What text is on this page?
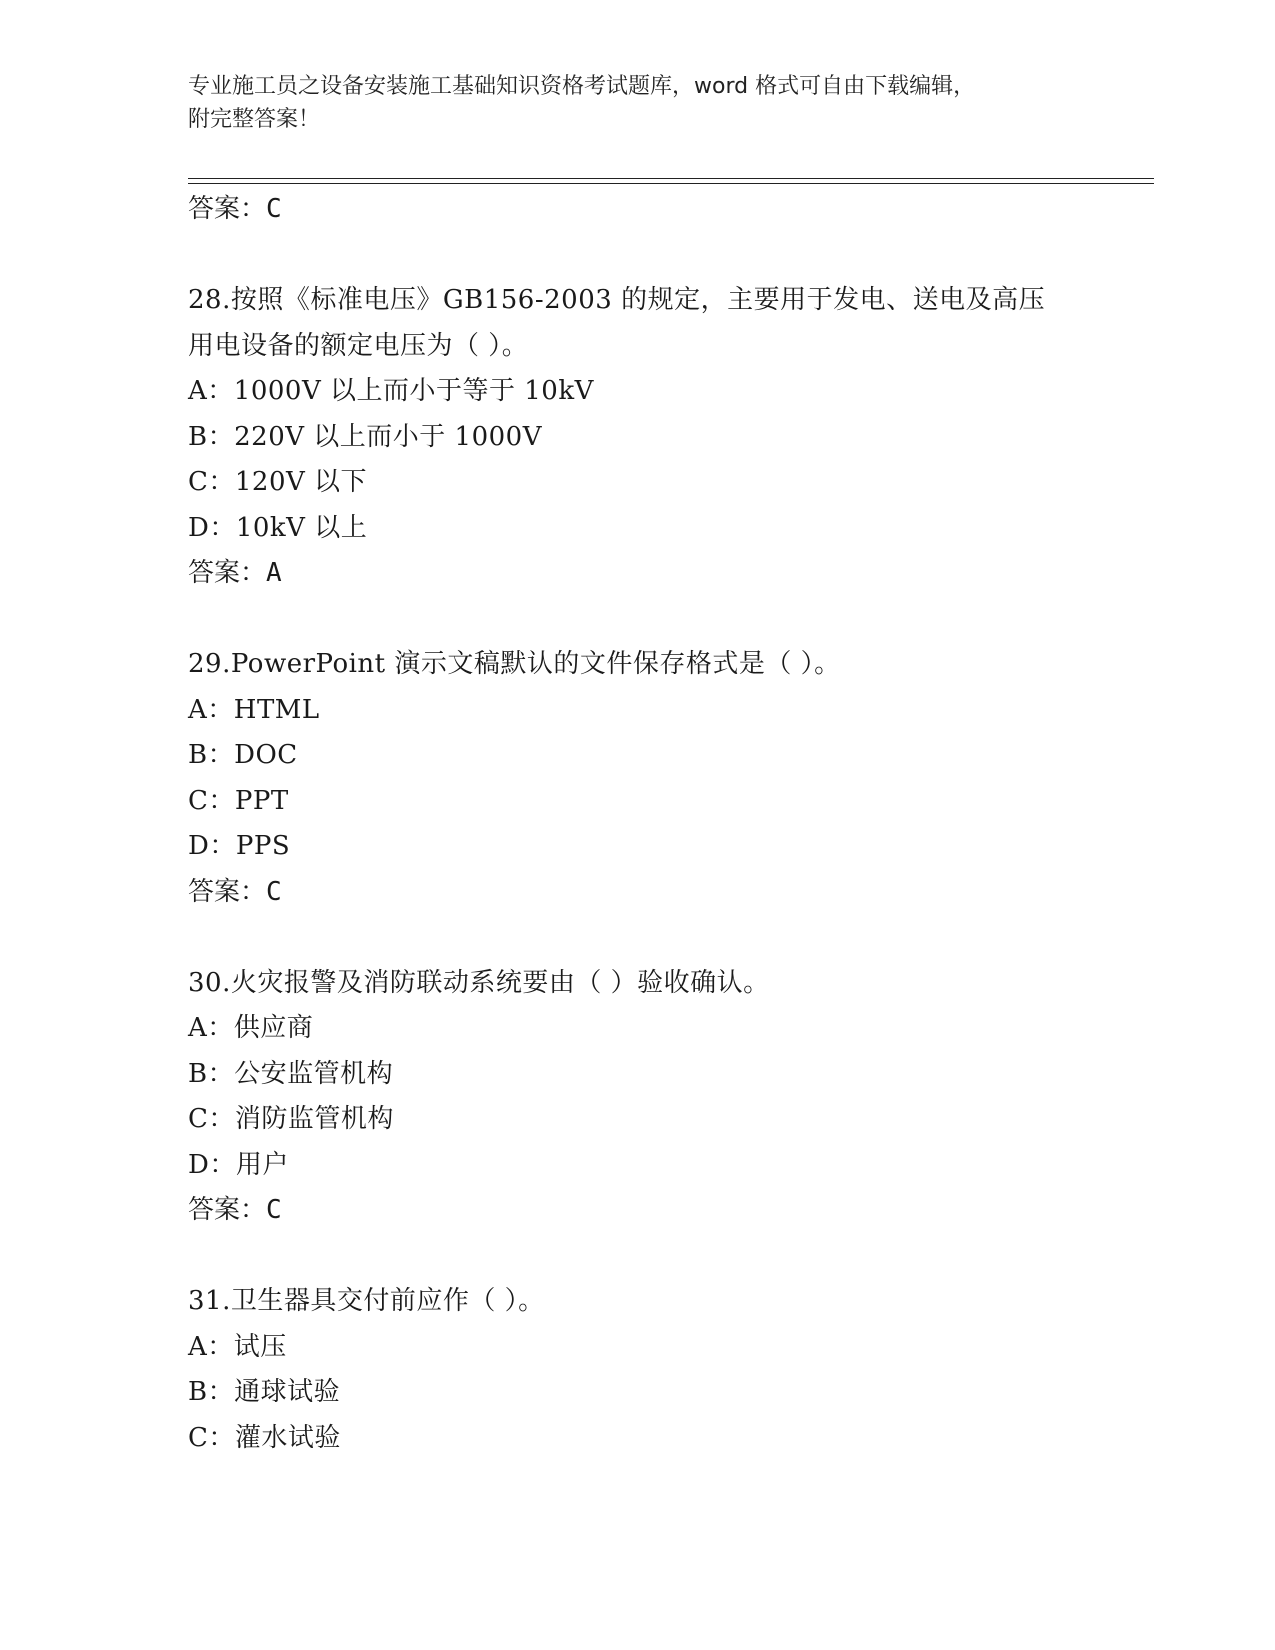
专业施工员之设备安装施工基础知识资格考试题库，word 格式可自由下载编辑，
附完整答案！
答案：C
28.按照《标准电压》GB156-2003 的规定，主要用于发电、送电及高压
用电设备的额定电压为（ ）。
A：1000V 以上而小于等于 10kV
B：220V 以上而小于 1000V
C：120V 以下
D：10kV 以上
答案：A
29.PowerPoint 演示文稿默认的文件保存格式是（ ）。
A：HTML
B：DOC
C：PPT
D：PPS
答案：C
30.火灾报警及消防联动系统要由（ ）验收确认。
A：供应商
B：公安监管机构
C：消防监管机构
D：用户
答案：C
31.卫生器具交付前应作（ ）。
A：试压
B：通球试验
C：灌水试验
